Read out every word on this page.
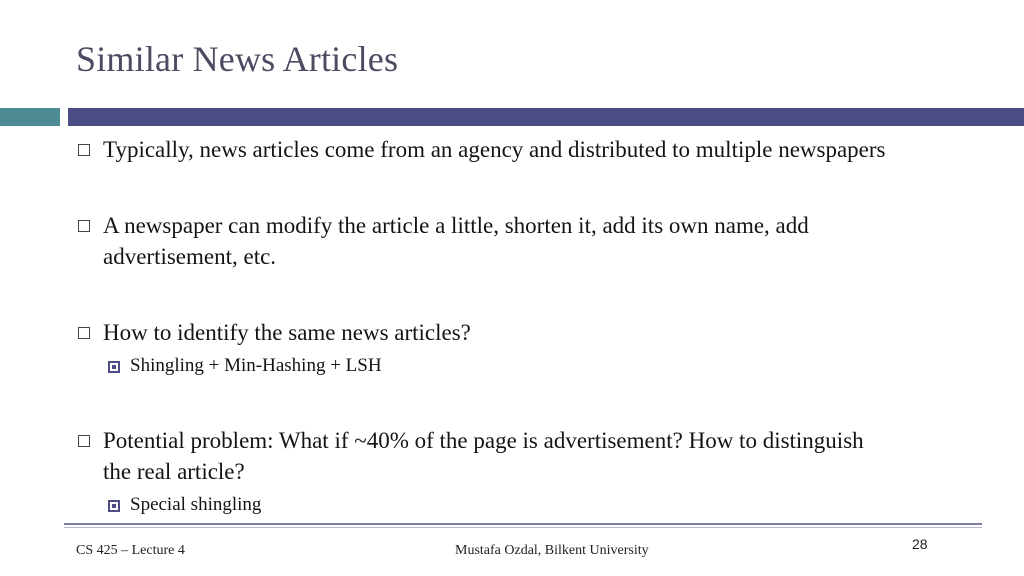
Similar News Articles
Typically, news articles come from an agency and distributed to multiple newspapers
A newspaper can modify the article a little, shorten it, add its own name, add
advertisement, etc.
How to identify the same news articles?
Shingling + Min-Hashing + LSH
Potential problem: What if ~40% of the page is advertisement? How to distinguish
the real article?
Special shingling
CS 425 – Lecture 4	Mustafa Ozdal, Bilkent University	28
